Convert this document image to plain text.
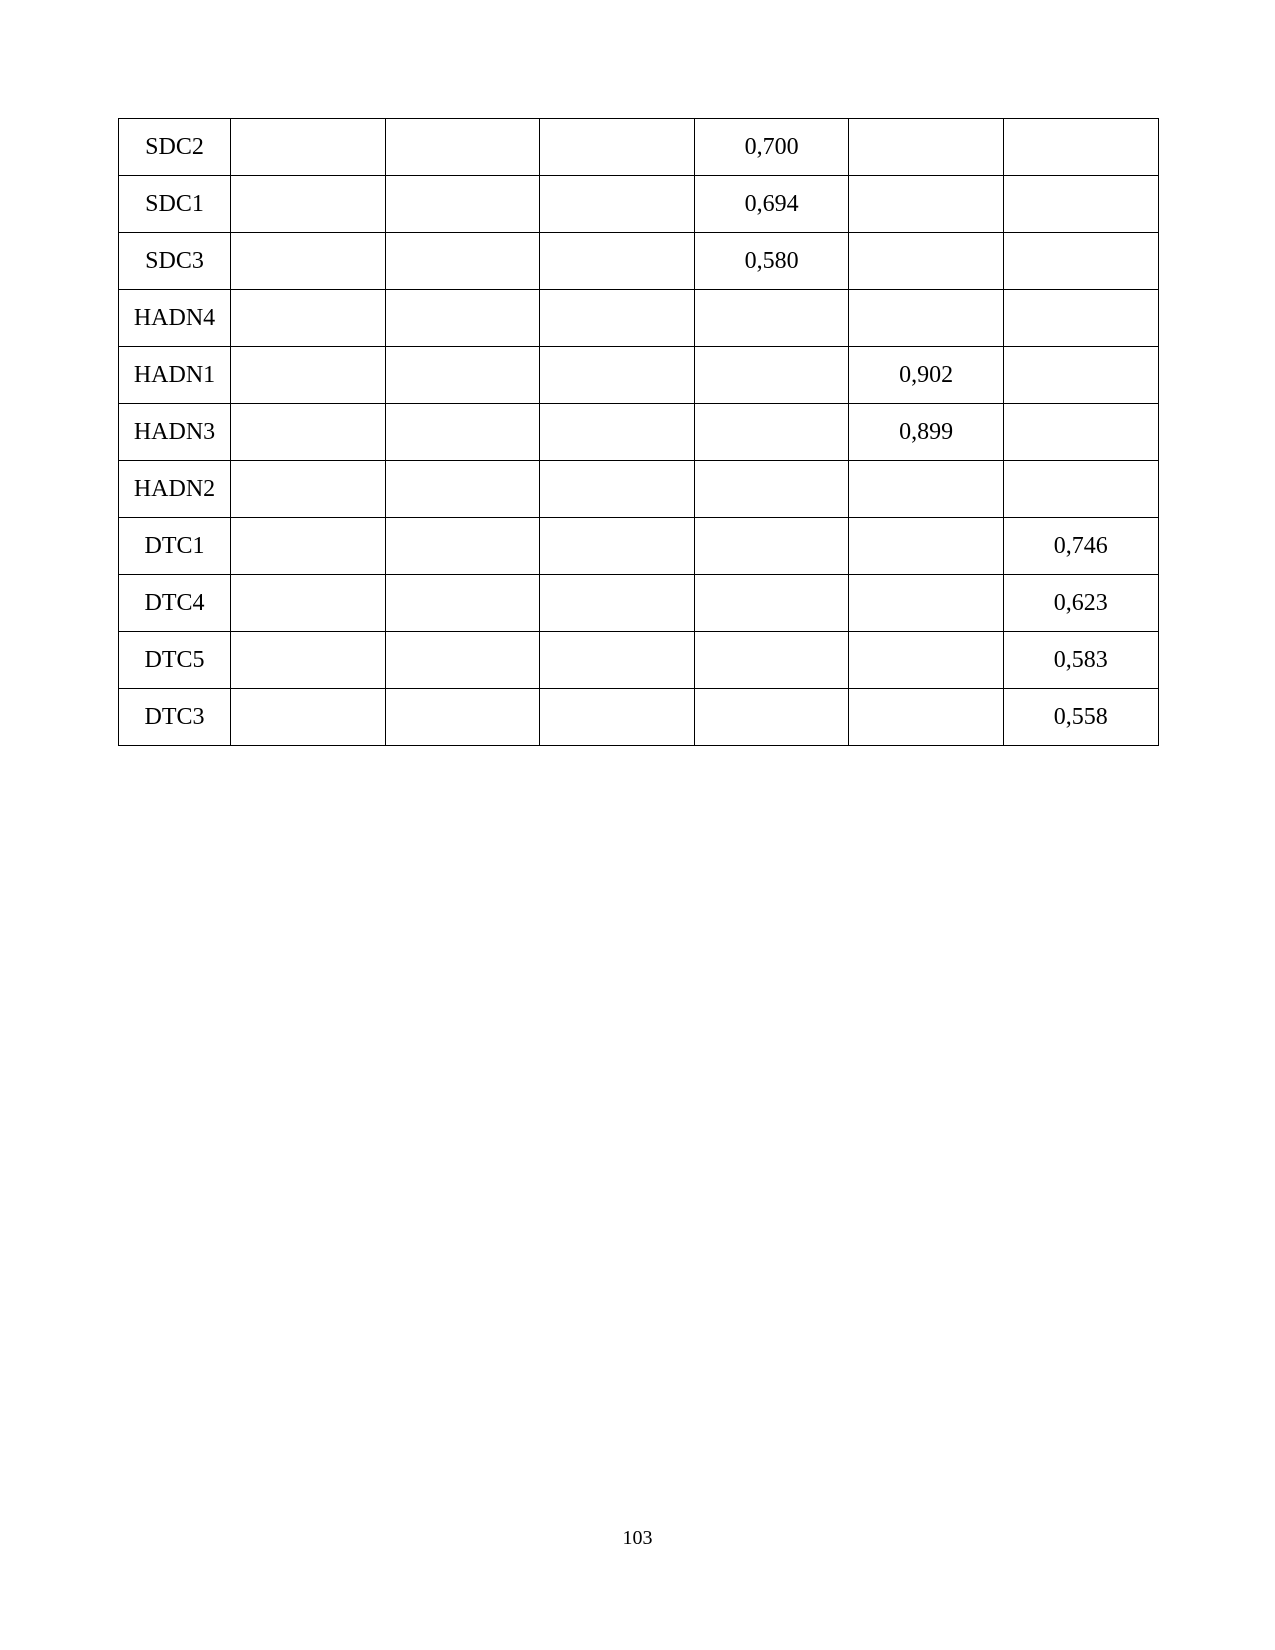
SDC2				0,700		
SDC1				0,694		
SDC3				0,580		
HADN4						
HADN1					0,902	
HADN3					0,899	
HADN2						
DTC1						0,746
DTC4						0,623
DTC5						0,583
DTC3						0,558
103
